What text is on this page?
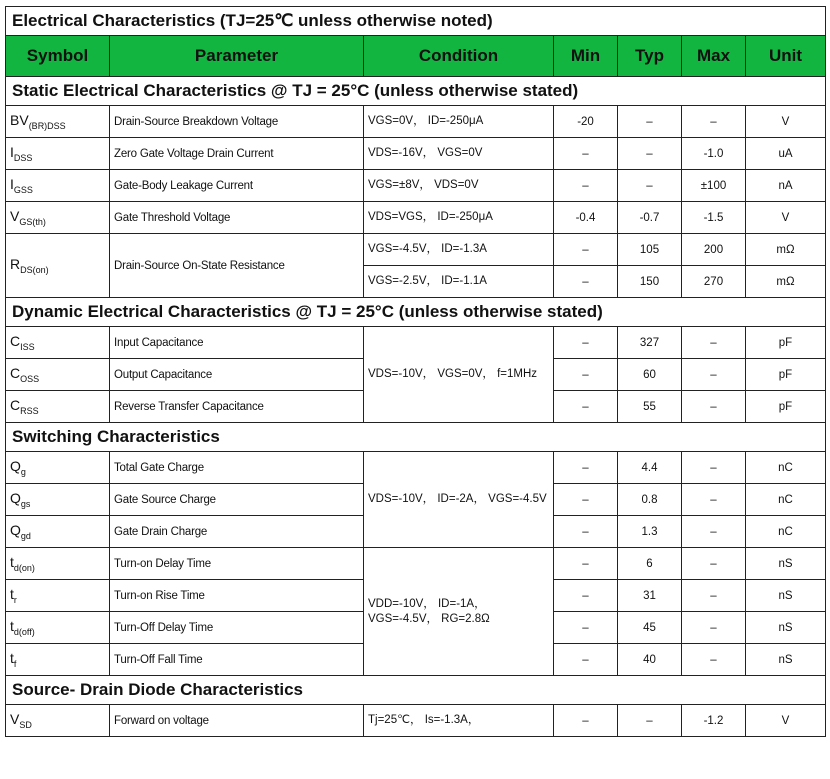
Electrical Characteristics (TJ=25℃ unless otherwise noted)						
Symbol	Parameter	Condition	Min	Typ	Max	Unit
Static Electrical Characteristics @ TJ = 25°C (unless otherwise stated)						
$BV_{(BR)DSS}$	Drain-Source Breakdown Voltage	VGS=0V， ID=-250μA	-20	–	–	V
$I_{DSS}$	Zero Gate Voltage Drain Current	VDS=-16V， VGS=0V	–	–	-1.0	uA
$I_{GSS}$	Gate-Body Leakage Current	VGS=±8V， VDS=0V	–	–	±100	nA
$V_{GS(th)}$	Gate Threshold Voltage	VDS=VGS， ID=-250μA	-0.4	-0.7	-1.5	V
$R_{DS(on)}$	Drain-Source On-State Resistance	VGS=-4.5V， ID=-1.3A	–	105	200	mΩ
		VGS=-2.5V， ID=-1.1A	–	150	270	mΩ
Dynamic Electrical Characteristics @ TJ = 25°C (unless otherwise stated)						
$C_{ISS}$	Input Capacitance	VDS=-10V， VGS=0V， f=1MHz	–	327	–	pF
$C_{OSS}$	Output Capacitance		–	60	–	pF
$C_{RSS}$	Reverse Transfer Capacitance		–	55	–	pF
Switching Characteristics						
$Q_g$	Total Gate Charge	VDS=-10V， ID=-2A， VGS=-4.5V	–	4.4	–	nC
$Q_{gs}$	Gate Source Charge		–	0.8	–	nC
$Q_{gd}$	Gate Drain Charge		–	1.3	–	nC
$t_{d(on)}$	Turn-on Delay Time	VDD=-10V， ID=-1A， VGS=-4.5V， RG=2.8Ω	–	6	–	nS
$t_r$	Turn-on Rise Time		–	31	–	nS
$t_{d(off)}$	Turn-Off Delay Time		–	45	–	nS
$t_f$	Turn-Off Fall Time		–	40	–	nS
Source- Drain Diode Characteristics						
$V_{SD}$	Forward on voltage	Tj=25℃， Is=-1.3A，	–	–	-1.2	V
